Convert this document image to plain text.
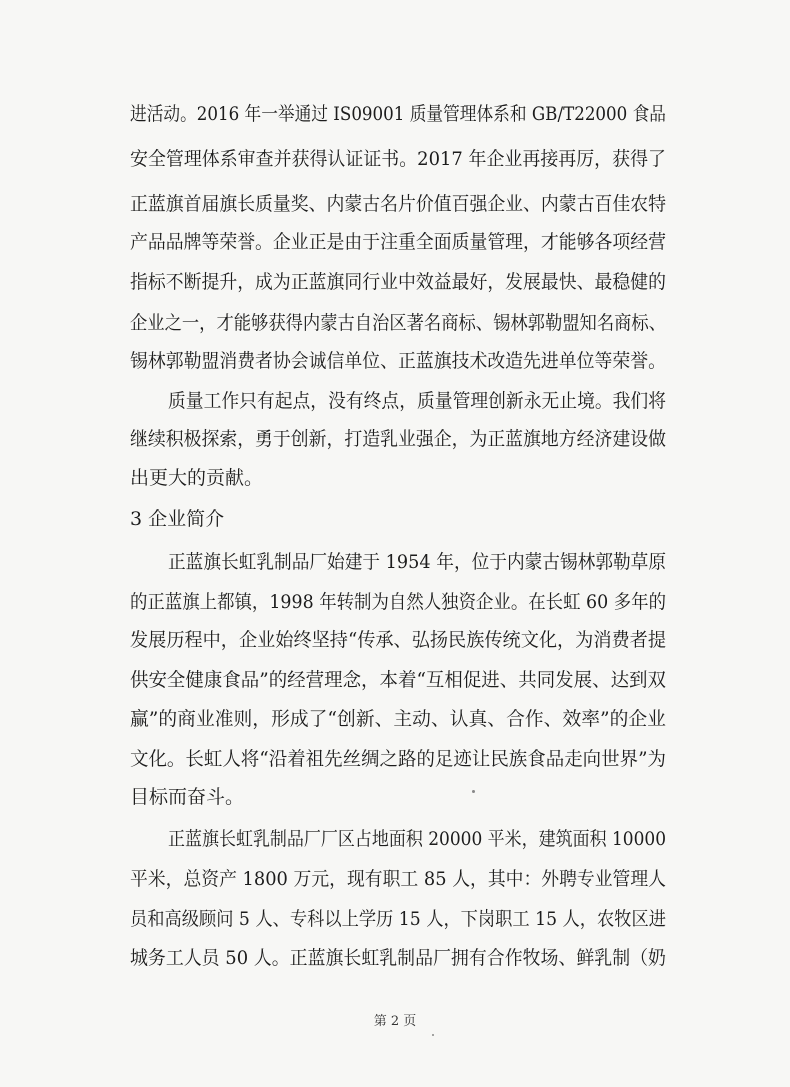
进活动。2016 年一举通过 IS09001 质量管理体系和 GB/T22000 食品
安全管理体系审查并获得认证证书。2017 年企业再接再厉，获得了
正蓝旗首届旗长质量奖、内蒙古名片价值百强企业、内蒙古百佳农特
产品品牌等荣誉。企业正是由于注重全面质量管理，才能够各项经营
指标不断提升，成为正蓝旗同行业中效益最好，发展最快、最稳健的
企业之一，才能够获得内蒙古自治区著名商标、锡林郭勒盟知名商标、
锡林郭勒盟消费者协会诚信单位、正蓝旗技术改造先进单位等荣誉。
质量工作只有起点，没有终点，质量管理创新永无止境。我们将
继续积极探索，勇于创新，打造乳业强企，为正蓝旗地方经济建设做
出更大的贡献。
3 企业简介
正蓝旗长虹乳制品厂始建于 1954 年，位于内蒙古锡林郭勒草原
的正蓝旗上都镇，1998 年转制为自然人独资企业。在长虹 60 多年的
发展历程中，企业始终坚持“传承、弘扬民族传统文化，为消费者提
供安全健康食品”的经营理念，本着“互相促进、共同发展、达到双
赢”的商业准则，形成了“创新、主动、认真、合作、效率”的企业
文化。长虹人将“沿着祖先丝绸之路的足迹让民族食品走向世界”为
目标而奋斗。
正蓝旗长虹乳制品厂厂区占地面积 20000 平米，建筑面积 10000
平米，总资产 1800 万元，现有职工 85 人，其中：外聘专业管理人
员和高级顾问 5 人、专科以上学历 15 人，下岗职工 15 人，农牧区进
城务工人员 50 人。正蓝旗长虹乳制品厂拥有合作牧场、鲜乳制（奶
第 2 页
